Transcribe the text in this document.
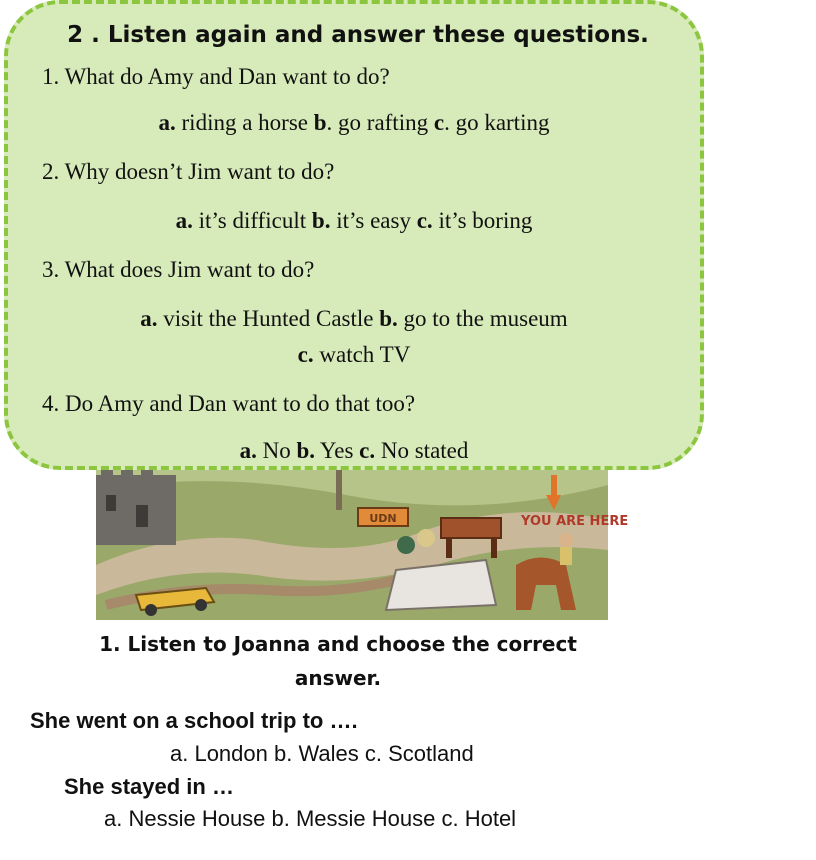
UDN	YOU ARE HERE
2 . Listen again and answer these questions.
1. What do Amy and Dan want to do?
a. riding a horse b. go rafting c. go karting
2. Why doesn’t Jim want to do?
a. it’s difficult b. it’s easy c. it’s boring
3. What does Jim want to do?
a. visit the Hunted Castle b. go to the museum
c. watch TV
4. Do Amy and Dan want to do that too?
a. No b. Yes c. No stated
1. Listen to Joanna and choose the correct
answer.
She went on a school trip to ….
a. London b. Wales c. Scotland
She stayed in …
a. Nessie House b. Messie House c. Hotel
